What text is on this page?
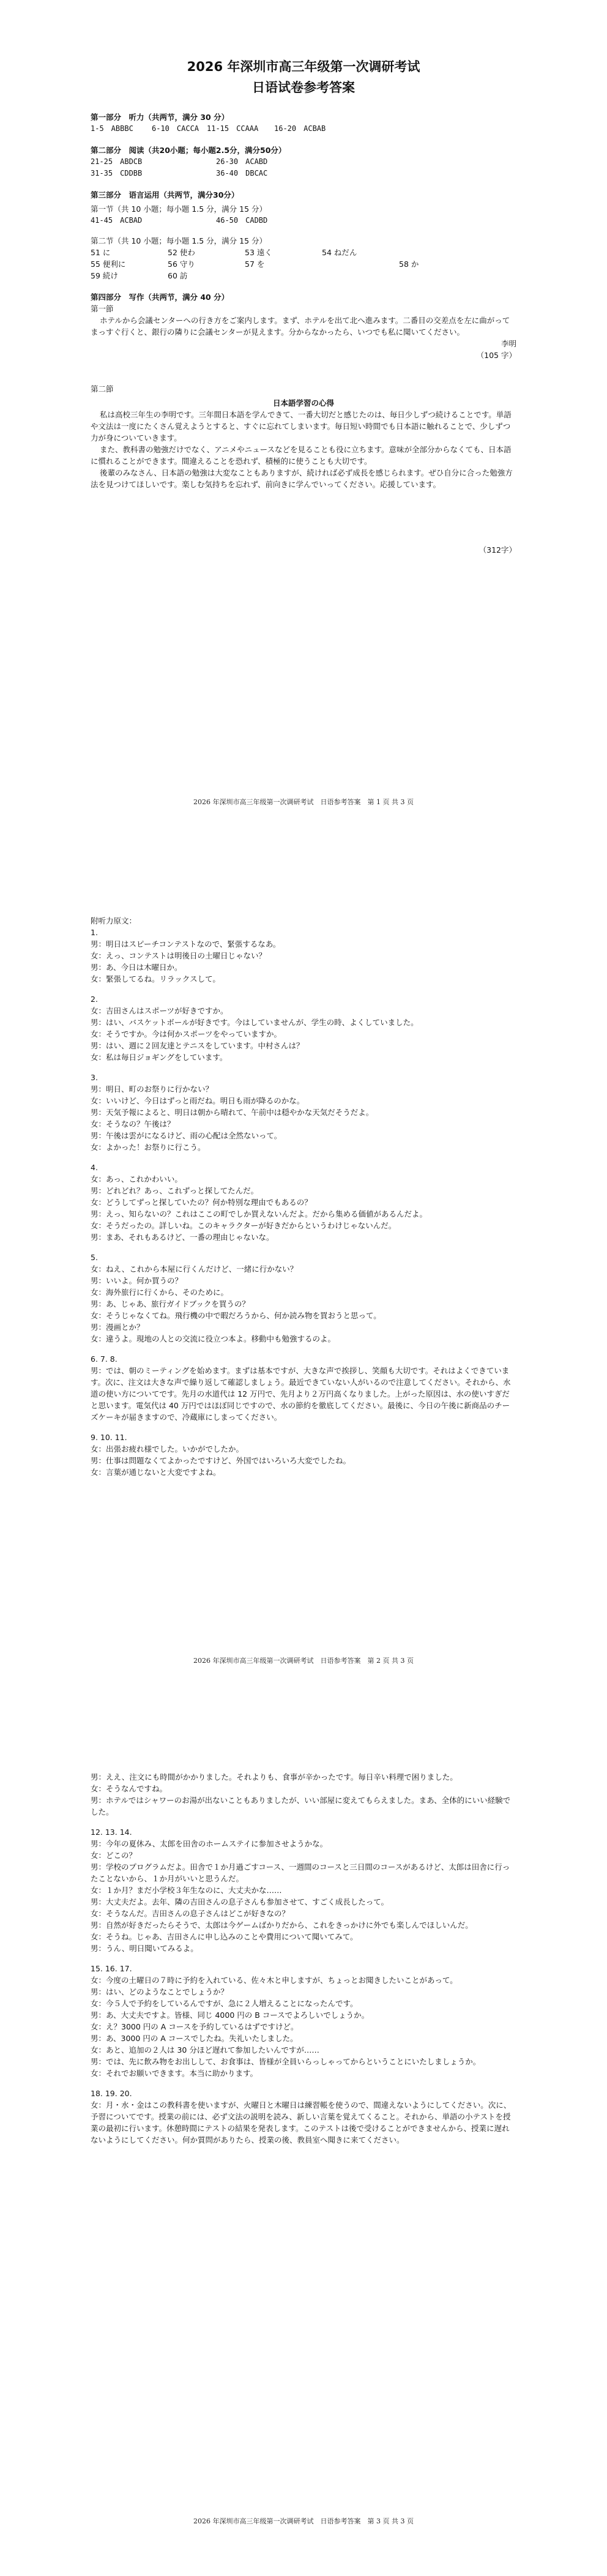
2026 年深圳市高三年级第一次调研考试

日语试卷参考答案

第一部分　听力（共两节，满分 30 分）
1-5　ABBBC	6-10　CACCA	11-15　CCAAA	16-20　ACBAB
第二部分　阅读（共20小题；每小题2.5分，满分50分）
21-25　ABDCB	26-30　ACABD
31-35　CDDBB	36-40　DBCAC
第三部分　语言运用（共两节，满分30分）
第一节（共 10 小题；每小题 1.5 分，满分 15 分）
41-45　ACBAD	46-50　CADBD
第二节（共 10 小题；每小题 1.5 分，满分 15 分）
51 に	52 使わ	53 遠く	54 ねだん
55 便利に	56 守り	57 を	58 か
59 続け	60 訪
第四部分　写作（共两节，满分 40 分）
第一節

ホテルから会議センターへの行き方をご案内します。まず、ホテルを出て北へ進みます。二番目の交差点を左に曲がってまっすぐ行くと、銀行の隣りに会議センターが見えます。分からなかったら、いつでも私に聞いてください。

李明
（105 字）
第二節
日本語学習の心得

私は高校三年生の李明です。三年間日本語を学んできて、一番大切だと感じたのは、毎日少しずつ続けることです。単語や文法は一度にたくさん覚えようとすると、すぐに忘れてしまいます。毎日短い時間でも日本語に触れることで、少しずつ力が身についていきます。

また、教科書の勉強だけでなく、アニメやニュースなどを見ることも役に立ちます。意味が全部分からなくても、日本語に慣れることができます。間違えることを恐れず、積極的に使うことも大切です。

後輩のみなさん、日本語の勉強は大変なこともありますが、続ければ必ず成長を感じられます。ぜひ自分に合った勉強方法を見つけてほしいです。楽しむ気持ちを忘れず、前向きに学んでいってください。応援しています。

（312字）
2026 年深圳市高三年级第一次调研考试　日语参考答案　第 1 页 共 3 页
附听力原文：
1.

男：明日はスピーチコンテストなので、緊張するなあ。

女：えっ、コンテストは明後日の土曜日じゃない？

男：あ、今日は木曜日か。

女：緊張してるね。リラックスして。

2.

女：吉田さんはスポーツが好きですか。

男：はい、バスケットボールが好きです。今はしていませんが、学生の時、よくしていました。

女：そうですか。今は何かスポーツをやっていますか。

男：はい、週に２回友達とテニスをしています。中村さんは？

女：私は毎日ジョギングをしています。

3.

男：明日、町のお祭りに行かない？

女：いいけど、今日はずっと雨だね。明日も雨が降るのかな。

男：天気予報によると、明日は朝から晴れて、午前中は穏やかな天気だそうだよ。

女：そうなの？午後は？

男：午後は雲がになるけど、雨の心配は全然ないって。

女：よかった！お祭りに行こう。

4.

女：あっ、これかわいい。

男：どれどれ？あっ、これずっと探してたんだ。

女：どうしてずっと探していたの？何か特別な理由でもあるの？

男：えっ、知らないの？これはここの町でしか買えないんだよ。だから集める価値があるんだよ。

女：そうだったの。詳しいね。このキャラクターが好きだからというわけじゃないんだ。

男：まあ、それもあるけど、一番の理由じゃないな。

5.

女：ねえ、これから本屋に行くんだけど、一緒に行かない？

男：いいよ。何か買うの？

女：海外旅行に行くから、そのために。

男：あ、じゃあ、旅行ガイドブックを買うの？

女：そうじゃなくてね。飛行機の中で暇だろうから、何か読み物を買おうと思って。

男：漫画とか？

女：違うよ。現地の人との交流に役立つ本よ。移動中も勉強するのよ。

6. 7. 8.

男：では、朝のミーティングを始めます。まずは基本ですが、大きな声で挨拶し、笑顔も大切です。それはよくできています。次に、注文は大きな声で繰り返して確認しましょう。最近できていない人がいるので注意してください。それから、水道の使い方についてです。先月の水道代は 12 万円で、先月より２万円高くなりました。上がった原因は、水の使いすぎだと思います。電気代は 40 万円ではほぼ同じですので、水の節約を徹底してください。最後に、今日の午後に新商品のチーズケーキが届きますので、冷蔵庫にしまってください。

9. 10. 11.

女：出張お疲れ様でした。いかがでしたか。

男：仕事は問題なくてよかったですけど、外国ではいろいろ大変でしたね。

女：言葉が通じないと大変ですよね。

2026 年深圳市高三年级第一次调研考试　日语参考答案　第 2 页 共 3 页

男：ええ、注文にも時間がかかりました。それよりも、食事が辛かったです。毎日辛い料理で困りました。

女：そうなんですね。

男：ホテルではシャワーのお湯が出ないこともありましたが、いい部屋に変えてもらえました。まあ、全体的にいい経験でした。

12. 13. 14.

男：今年の夏休み、太郎を田舎のホームステイに参加させようかな。

女：どこの？

男：学校のプログラムだよ。田舎で１か月過ごすコース、一週間のコースと三日間のコースがあるけど、太郎は田舎に行ったことないから、１か月がいいと思うんだ。

女：１か月？まだ小学校３年生なのに、大丈夫かな……

男：大丈夫だよ。去年、隣の吉田さんの息子さんも参加させて、すごく成長したって。

女：そうなんだ。吉田さんの息子さんはどこが好きなの？

男：自然が好きだったらそうで、太郎は今ゲームばかりだから、これをきっかけに外でも楽しんでほしいんだ。

女：そうね。じゃあ、吉田さんに申し込みのことや費用について聞いてみて。

男：うん、明日聞いてみるよ。

15. 16. 17.

女：今度の土曜日の７時に予約を入れている、佐々木と申しますが、ちょっとお聞きしたいことがあって。

男：はい、どのようなことでしょうか？

女：今５人で予約をしているんですが、急に２人増えることになったんです。

男：あ、大丈夫ですよ。皆様、同じ 4000 円の B コースでよろしいでしょうか。

女：え？3000 円の A コースを予約しているはずですけど。

男：あ、3000 円の A コースでしたね。失礼いたしました。

女：あと、追加の２人は 30 分ほど遅れて参加したいんですが……

男：では、先に飲み物をお出しして、お食事は、皆様が全員いらっしゃってからということにいたしましょうか。

女：それでお願いできます。本当に助かります。

18. 19. 20.

女：月・水・金はこの教科書を使いますが、火曜日と木曜日は練習帳を使うので、間違えないようにしてください。次に、予習についてです。授業の前には、必ず文法の説明を読み、新しい言葉を覚えてくること。それから、単語の小テストを授業の最初に行います。休憩時間にテストの結果を発表します。このテストは後で受けることができませんから、授業に遅れないようにしてください。何か質問がありたら、授業の後、教員室へ聞きに来てください。

2026 年深圳市高三年级第一次调研考试　日语参考答案　第 3 页 共 3 页
